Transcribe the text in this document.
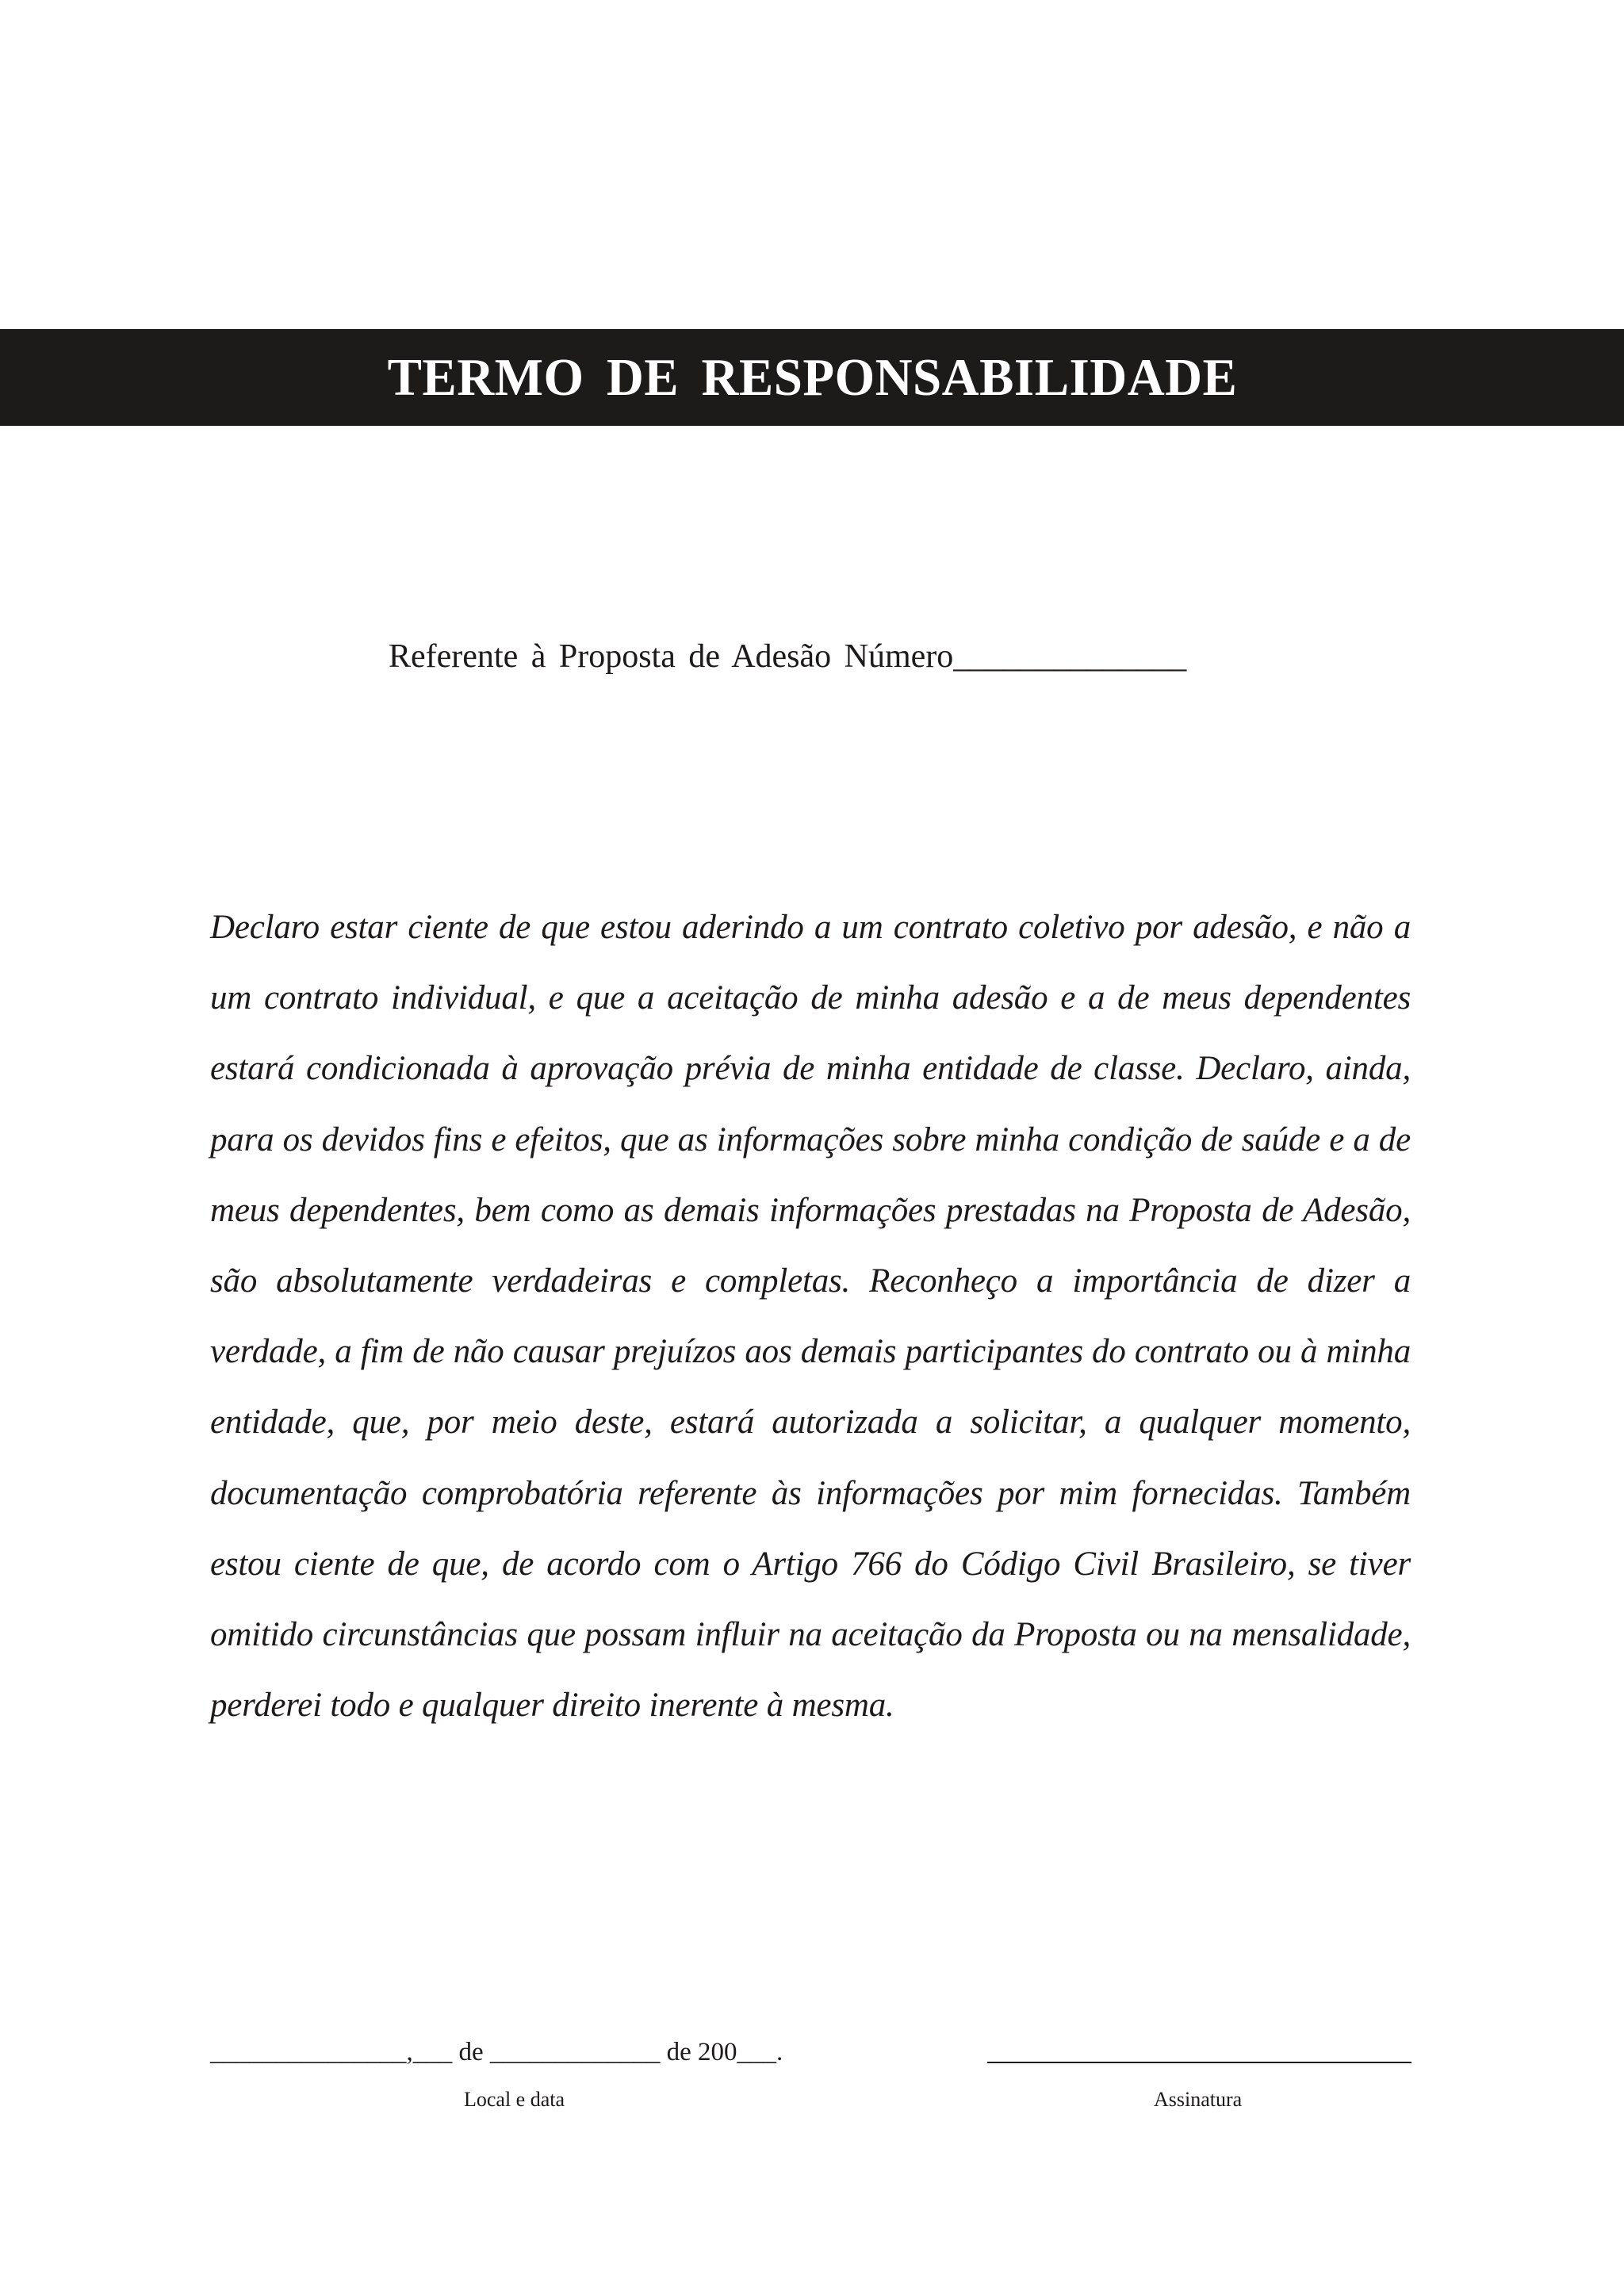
TERMO DE RESPONSABILIDADE
Referente à Proposta de Adesão Número______________

Declaro estar ciente de que estou aderindo a um contrato coletivo por adesão, e não a um contrato individual, e que a aceitação de minha adesão e a de meus dependentes estará condicionada à aprovação prévia de minha entidade de classe. Declaro, ainda, para os devidos fins e efeitos, que as informações sobre minha condição de saúde e a de meus dependentes, bem como as demais informações prestadas na Proposta de Adesão, são absolutamente verdadeiras e completas. Reconheço a importância de dizer a verdade, a fim de não causar prejuízos aos demais participantes do contrato ou à minha entidade, que, por meio deste, estará autorizada a solicitar, a qualquer momento, documentação comprobatória referente às informações por mim fornecidas. Também estou ciente de que, de acordo com o Artigo 766 do Código Civil Brasileiro, se tiver omitido circunstâncias que possam influir na aceitação da Proposta ou na mensalidade, perderei todo e qualquer direito inerente à mesma.

_______________,___ de _____________ de 200___.
Local e data	Assinatura
